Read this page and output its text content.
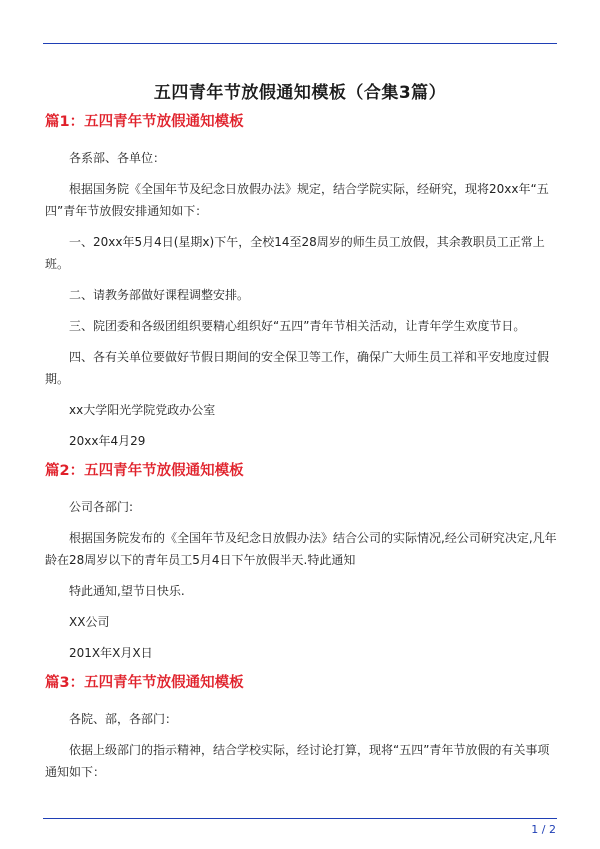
五四青年节放假通知模板（合集3篇）
篇1：五四青年节放假通知模板

各系部、各单位：

根据国务院《全国年节及纪念日放假办法》规定，结合学院实际，经研究，现将20xx年“五四”青年节放假安排通知如下：

一、20xx年5月4日(星期x)下午，全校14至28周岁的师生员工放假，其余教职员工正常上班。

二、请教务部做好课程调整安排。

三、院团委和各级团组织要精心组织好“五四”青年节相关活动，让青年学生欢度节日。

四、各有关单位要做好节假日期间的安全保卫等工作，确保广大师生员工祥和平安地度过假期。

xx大学阳光学院党政办公室

20xx年4月29

篇2：五四青年节放假通知模板

公司各部门:

根据国务院发布的《全国年节及纪念日放假办法》结合公司的实际情况,经公司研究决定,凡年龄在28周岁以下的青年员工5月4日下午放假半天.特此通知

特此通知,望节日快乐.

XX公司

201X年X月X日

篇3：五四青年节放假通知模板

各院、部，各部门：

依据上级部门的指示精神，结合学校实际，经讨论打算，现将“五四”青年节放假的有关事项通知如下：

1 / 2
